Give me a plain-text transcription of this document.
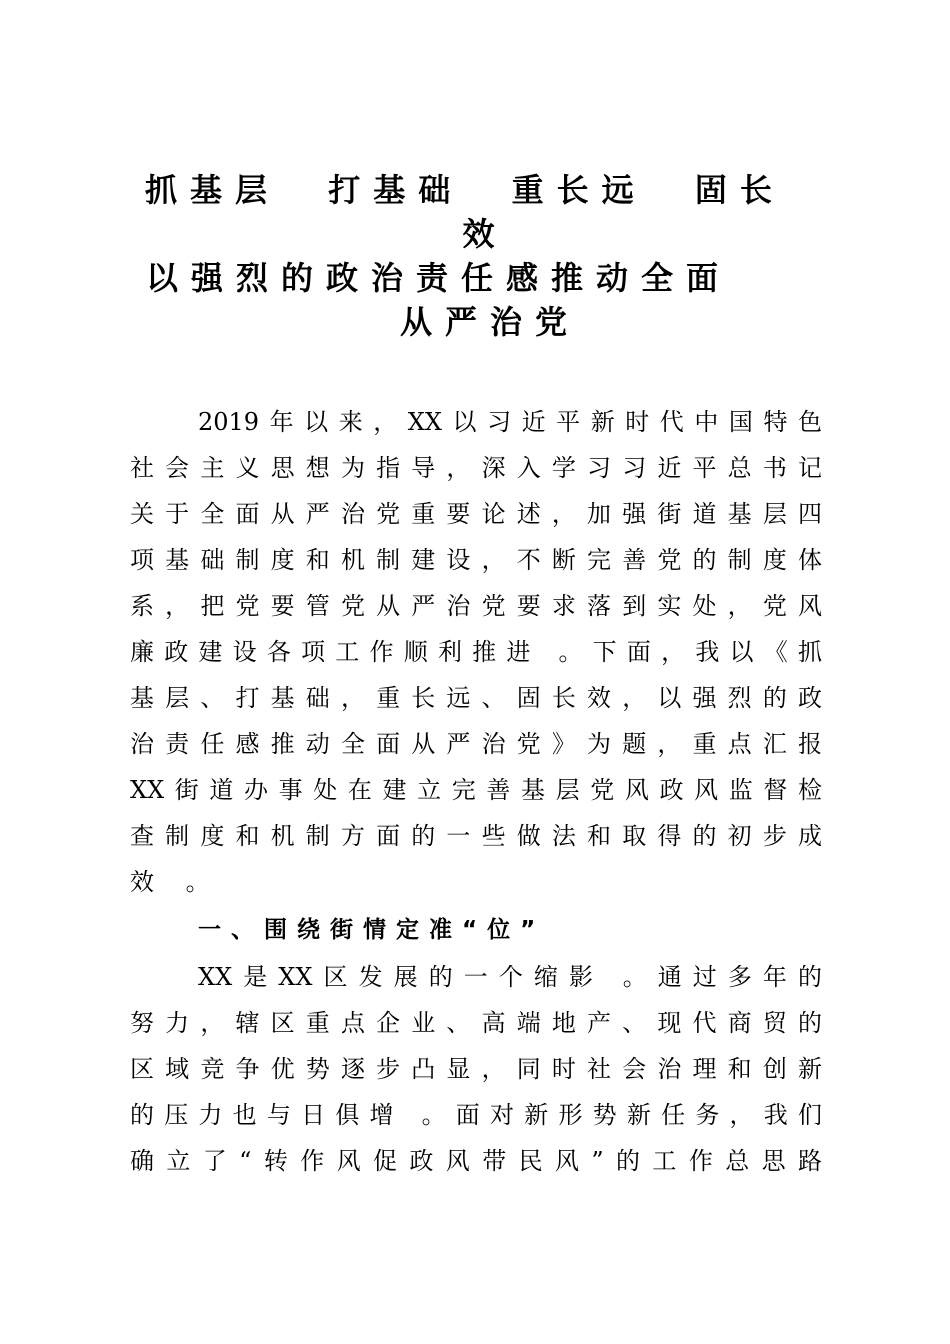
抓基层  打基础  重长远  固长
效
以强烈的政治责任感推动全面
从严治党
2019年以来，XX以习近平新时代中国特色
社会主义思想为指导，深入学习习近平总书记
关于全面从严治党重要论述，加强街道基层四
项基础制度和机制建设，不断完善党的制度体
系，把党要管党从严治党要求落到实处，党风
廉政建设各项工作顺利推进 。下面，我以《抓
基层、打基础，重长远、固长效，以强烈的政
治责任感推动全面从严治党》为题，重点汇报
XX街道办事处在建立完善基层党风政风监督检
查制度和机制方面的一些做法和取得的初步成
效 。
一、围绕街情定准“位”
XX是XX区发展的一个缩影 。通过多年的
努力，辖区重点企业、高端地产、现代商贸的
区域竞争优势逐步凸显，同时社会治理和创新
的压力也与日俱增 。面对新形势新任务，我们
确立了“转作风促政风带民风”的工作总思路
